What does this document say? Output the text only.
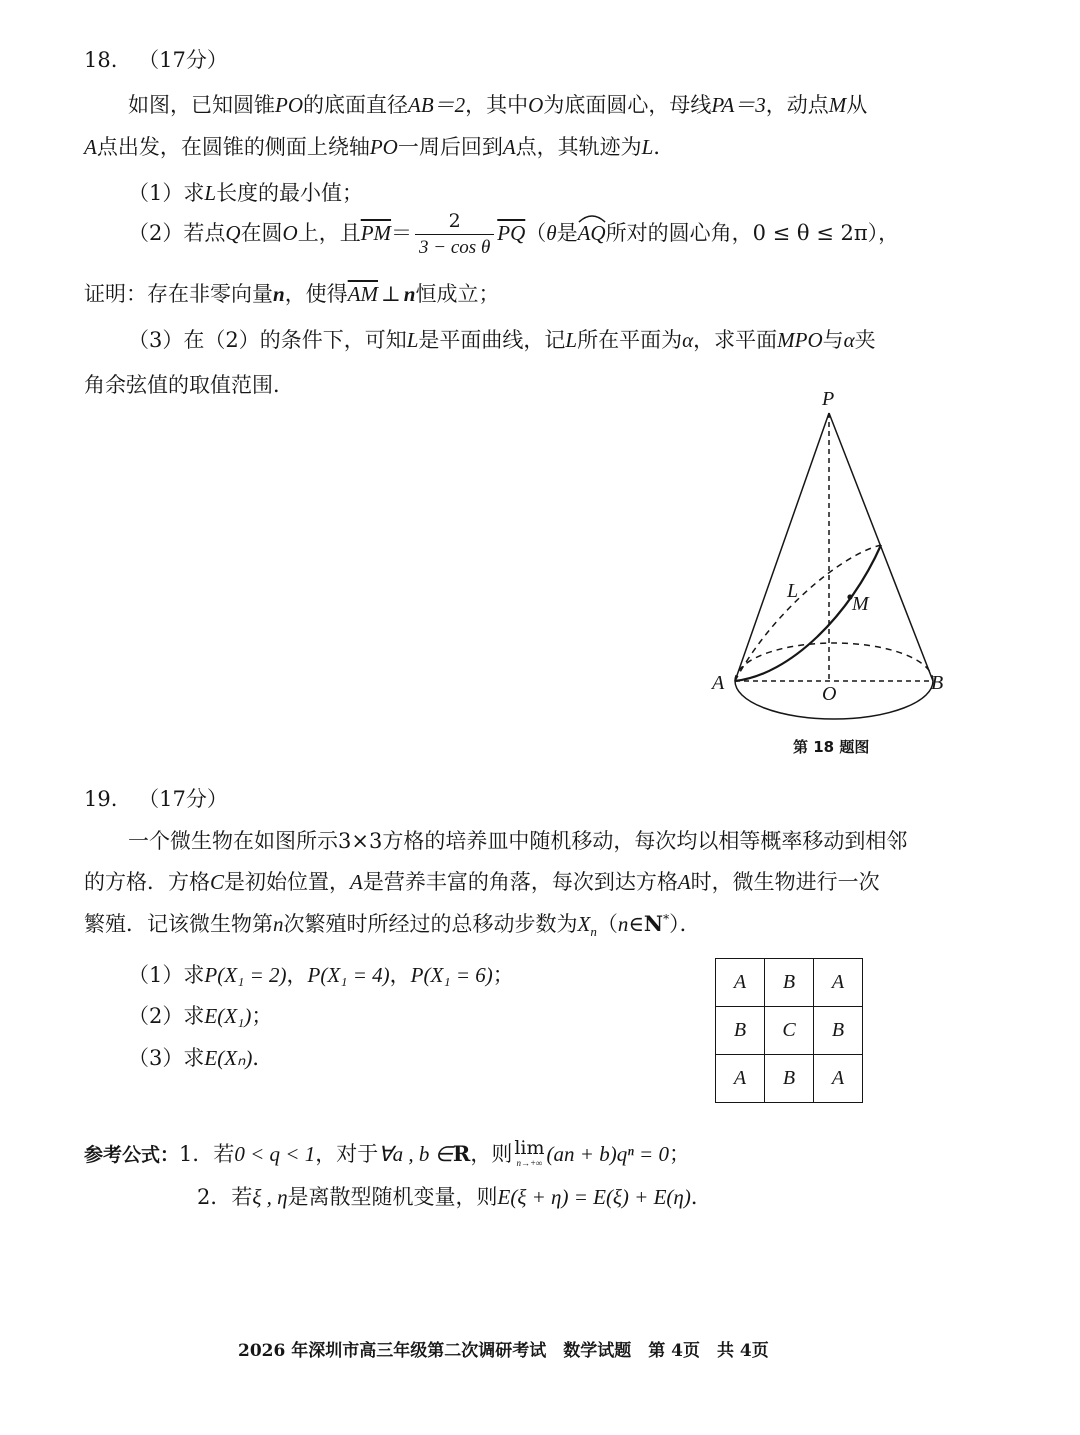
18. （17分）
如图，已知圆锥PO的底面直径AB＝2，其中O为底面圆心，母线PA＝3，动点M从
A点出发，在圆锥的侧面上绕轴PO一周后回到A点，其轨迹为L．
（1）求L长度的最小值；
（2）若点Q在圆O上，且$\overline{PM}= \frac{2}{\text{3 − cos θ}} \overline{PQ}(\theta$是
AQ所对的圆心角，0 ≤ θ ≤ 2π），
证明：存在非零向量n，使得$\overline{AM}$ ⊥ n恒成立；
（3）在（2）的条件下，可知L是平面曲线，记L所在平面为α，求平面MPO与α夹
角余弦值的取值范围．
P
A	B
O
L
M
第 18 题图
19. （17分）
一个微生物在如图所示3×3方格的培养皿中随机移动，每次均以相等概率移动到相邻
的方格．方格C是初始位置，A是营养丰富的角落，每次到达方格A时，微生物进行一次
繁殖．记该微生物第n次繁殖时所经过的总移动步数为$X_n(n\in N^*)$．
（1）求P(X₁ = 2)，P(X₁ = 4)，P(X₁ = 6)；
（2）求E(X₁)；
（3）求E(Xₙ)．
A	B	A
B	C	B
A	B	A
参考公式：1．若0 < q < 1，对于∀a , b ∈R，则 lim
n→+∞ (an + b)qⁿ = 0；
2．若ξ , η是离散型随机变量，则E(ξ + η) = E(ξ) + E(η)．
2026 年深圳市高三年级第二次调研考试　数学试题　第 4页　共 4页
